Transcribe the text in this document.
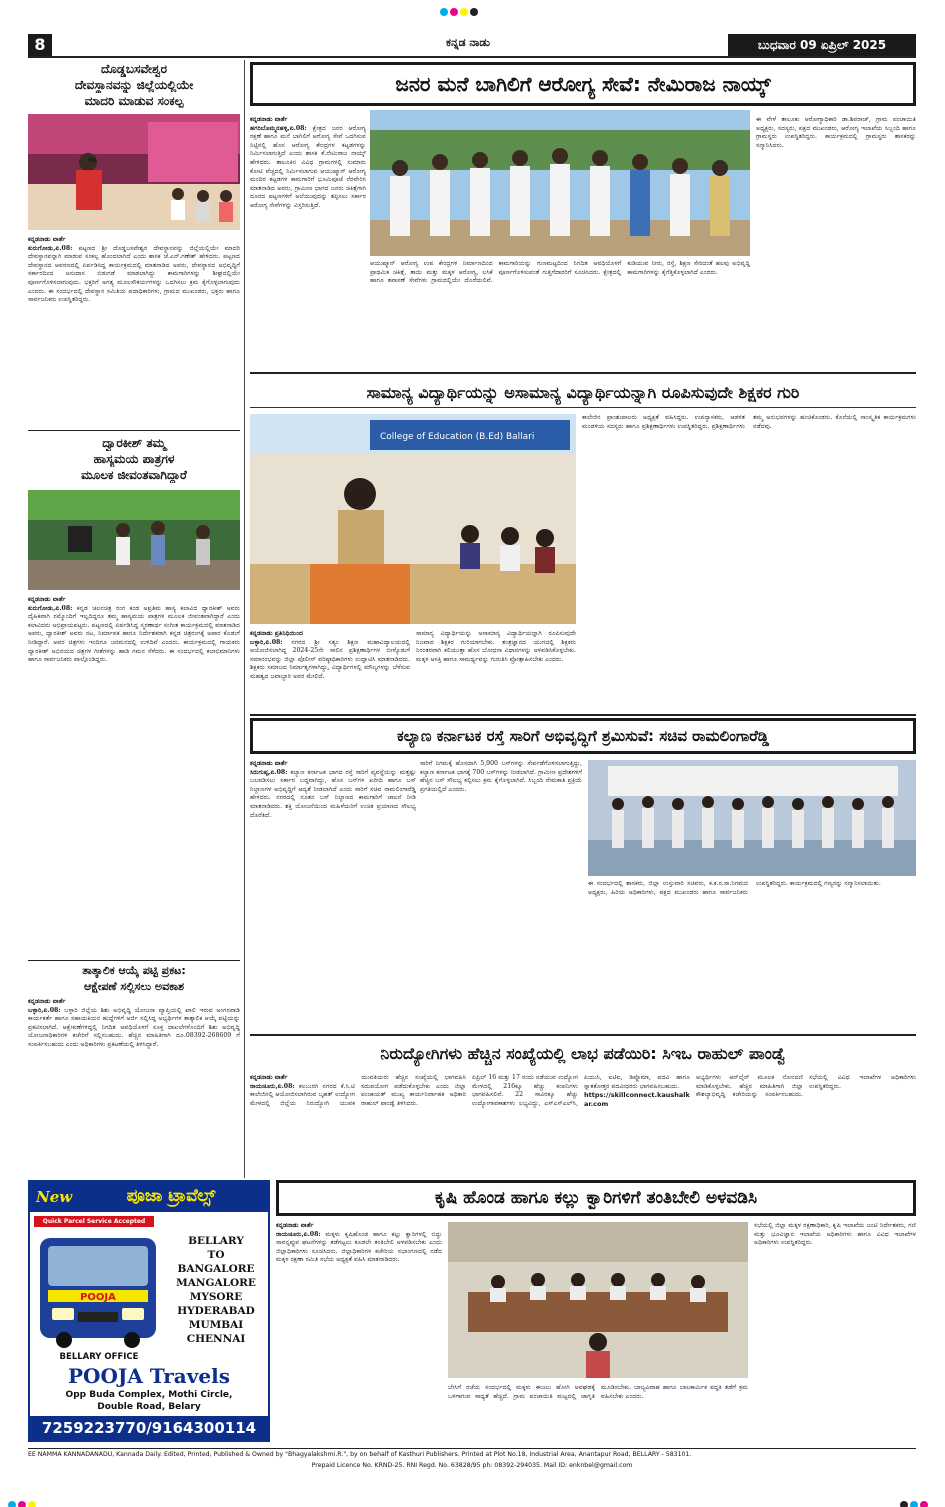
8	ಕನ್ನಡ ನಾಡು	ಬುಧವಾರ 09 ಏಪ್ರಿಲ್ 2025
ದೊಡ್ಡಬಸವೇಶ್ವರ
ದೇವಸ್ಥಾನವನ್ನು ಜಿಲ್ಲೆಯಲ್ಲಿಯೇ
ಮಾದರಿ ಮಾಡುವ ಸಂಕಲ್ಪ
ಕನ್ನಡನಾಡು ವಾರ್ತೆ
ಕುರುಗೋಡು,ಏ.08: ಪಟ್ಟಣದ ಶ್ರೀ ದೊಡ್ಡಬಸವೇಶ್ವರ ದೇವಸ್ಥಾನವನ್ನು ಜಿಲ್ಲೆಯಲ್ಲಿಯೇ ಮಾದರಿ ದೇವಸ್ಥಾನವನ್ನಾಗಿ ಮಾಡುವ ಸಂಕಲ್ಪ ಹೊಂದಲಾಗಿದೆ ಎಂದು ಶಾಸಕ ಜೆ.ಎನ್.ಗಣೇಶ್ ಹೇಳಿದರು. ಪಟ್ಟಣದ ದೇವಸ್ಥಾನದ ಆವರಣದಲ್ಲಿ ಏರ್ಪಡಿಸಿದ್ದ ಕಾರ್ಯಕ್ರಮದಲ್ಲಿ ಮಾತನಾಡಿದ ಅವರು, ದೇವಸ್ಥಾನದ ಅಭಿವೃದ್ಧಿಗೆ ಸರ್ಕಾರದಿಂದ ಅನುದಾನ ಬಿಡುಗಡೆ ಮಾಡಲಾಗಿದ್ದು ಕಾಮಗಾರಿಗಳನ್ನು ಶೀಘ್ರದಲ್ಲಿಯೇ ಪೂರ್ಣಗೊಳಿಸಲಾಗುವುದು. ಭಕ್ತರಿಗೆ ಅಗತ್ಯ ಮೂಲಸೌಕರ್ಯಗಳನ್ನು ಒದಗಿಸಲು ಕ್ರಮ ಕೈಗೊಳ್ಳಲಾಗುವುದು ಎಂದರು. ಈ ಸಂದರ್ಭದಲ್ಲಿ ದೇವಸ್ಥಾನ ಸಮಿತಿಯ ಪದಾಧಿಕಾರಿಗಳು, ಗ್ರಾಮದ ಮುಖಂಡರು, ಭಕ್ತರು ಹಾಗೂ ಸಾರ್ವಜನಿಕರು ಉಪಸ್ಥಿತರಿದ್ದರು.
ದ್ವಾರಕೀಶ್ ತಮ್ಮ
ಹಾಸ್ಯಮಯ ಪಾತ್ರಗಳ
ಮೂಲಕ ಜೀವಂತವಾಗಿದ್ದಾರೆ
ಕನ್ನಡನಾಡು ವಾರ್ತೆ
ಕುರುಗೋಡು,ಏ.08: ಕನ್ನಡ ಚಲನಚಿತ್ರ ರಂಗ ಕಂಡ ಅಪ್ರತಿಮ ಹಾಸ್ಯ ಕಲಾವಿದ ದ್ವಾರಕೀಶ್ ಅವರು ದೈಹಿಕವಾಗಿ ನಮ್ಮೊಂದಿಗೆ ಇಲ್ಲದಿದ್ದರೂ ತಮ್ಮ ಹಾಸ್ಯಮಯ ಪಾತ್ರಗಳ ಮೂಲಕ ಜೀವಂತವಾಗಿದ್ದಾರೆ ಎಂದು ಕಲಾವಿದರು ಅಭಿಪ್ರಾಯಪಟ್ಟರು. ಪಟ್ಟಣದಲ್ಲಿ ಏರ್ಪಡಿಸಿದ್ದ ಸ್ಮರಣಾರ್ಥ ಸಂಗೀತ ಕಾರ್ಯಕ್ರಮದಲ್ಲಿ ಮಾತನಾಡಿದ ಅವರು, ದ್ವಾರಕೀಶ್ ಅವರು ನಟ, ನಿರ್ಮಾಪಕ ಹಾಗೂ ನಿರ್ದೇಶಕರಾಗಿ ಕನ್ನಡ ಚಿತ್ರರಂಗಕ್ಕೆ ಅಪಾರ ಕೊಡುಗೆ ನೀಡಿದ್ದಾರೆ. ಅವರ ಚಿತ್ರಗಳು ಇಂದಿಗೂ ಜನಮನದಲ್ಲಿ ಉಳಿದಿವೆ ಎಂದರು. ಕಾರ್ಯಕ್ರಮದಲ್ಲಿ ಗಾಯಕರು ದ್ವಾರಕೀಶ್ ಅಭಿನಯದ ಚಿತ್ರಗಳ ಗೀತೆಗಳನ್ನು ಹಾಡಿ ಗಮನ ಸೆಳೆದರು. ಈ ಸಂದರ್ಭದಲ್ಲಿ ಕಲಾಭಿಮಾನಿಗಳು ಹಾಗೂ ಸಾರ್ವಜನಿಕರು ಪಾಲ್ಗೊಂಡಿದ್ದರು.
ತಾತ್ಕಾಲಿಕ ಆಯ್ಕೆ ಪಟ್ಟಿ ಪ್ರಕಟ:
ಆಕ್ಷೇಪಣೆ ಸಲ್ಲಿಸಲು ಅವಕಾಶ
ಕನ್ನಡನಾಡು ವಾರ್ತೆ
ಬಳ್ಳಾರಿ,ಏ.08: ಬಳ್ಳಾರಿ ಜಿಲ್ಲೆಯ ಶಿಶು ಅಭಿವೃದ್ಧಿ ಯೋಜನಾ ವ್ಯಾಪ್ತಿಯಲ್ಲಿ ಖಾಲಿ ಇರುವ ಅಂಗನವಾಡಿ ಕಾರ್ಯಕರ್ತೆ ಹಾಗೂ ಸಹಾಯಕಿಯರ ಹುದ್ದೆಗಳಿಗೆ ಅರ್ಜಿ ಸಲ್ಲಿಸಿದ್ದ ಅಭ್ಯರ್ಥಿಗಳ ತಾತ್ಕಾಲಿಕ ಆಯ್ಕೆ ಪಟ್ಟಿಯನ್ನು ಪ್ರಕಟಿಸಲಾಗಿದೆ. ಆಕ್ಷೇಪಣೆಗಳಿದ್ದಲ್ಲಿ ನಿಗದಿತ ಅವಧಿಯೊಳಗೆ ಸೂಕ್ತ ದಾಖಲೆಗಳೊಂದಿಗೆ ಶಿಶು ಅಭಿವೃದ್ಧಿ ಯೋಜನಾಧಿಕಾರಿಗಳ ಕಚೇರಿಗೆ ಸಲ್ಲಿಸಬಹುದು. ಹೆಚ್ಚಿನ ಮಾಹಿತಿಗಾಗಿ ದೂ.08392-268609 ಗೆ ಸಂಪರ್ಕಿಸಬಹುದು ಎಂದು ಅಧಿಕಾರಿಗಳು ಪ್ರಕಟಣೆಯಲ್ಲಿ ತಿಳಿಸಿದ್ದಾರೆ.
ಜನರ ಮನೆ ಬಾಗಿಲಿಗೆ ಆರೋಗ್ಯ ಸೇವೆ: ನೇಮಿರಾಜ ನಾಯ್ಕ್
ಕನ್ನಡನಾಡು ವಾರ್ತೆ
ಹಗರಿಬೊಮ್ಮನಹಳ್ಳಿ,ಏ.08: ಕ್ಷೇತ್ರದ ಜನರ ಆರೋಗ್ಯ ರಕ್ಷಣೆ ಹಾಗೂ ಮನೆ ಬಾಗಿಲಿಗೆ ಆರೋಗ್ಯ ಸೇವೆ ಒದಗಿಸುವ ನಿಟ್ಟಿನಲ್ಲಿ ಹೊಸ ಆರೋಗ್ಯ ಕೇಂದ್ರಗಳ ಕಟ್ಟಡಗಳನ್ನು ನಿರ್ಮಿಸಲಾಗುತ್ತಿದೆ ಎಂದು ಶಾಸಕ ಕೆ.ನೇಮಿರಾಜ ನಾಯ್ಕ್ ಹೇಳಿದರು. ತಾಲೂಕಿನ ವಿವಿಧ ಗ್ರಾಮಗಳಲ್ಲಿ ಸುಮಾರು ಕೋಟಿ ವೆಚ್ಚದಲ್ಲಿ ನಿರ್ಮಿಸಲಾಗುವ ಆಯುಷ್ಮಾನ್ ಆರೋಗ್ಯ ಮಂದಿರ ಕಟ್ಟಡಗಳ ಕಾಮಗಾರಿಗೆ ಭೂಮಿಪೂಜೆ ನೆರವೇರಿಸಿ ಮಾತನಾಡಿದ ಅವರು, ಗ್ರಾಮೀಣ ಭಾಗದ ಜನರು ಚಿಕಿತ್ಸೆಗಾಗಿ ದೂರದ ಪಟ್ಟಣಗಳಿಗೆ ಅಲೆಯುವುದನ್ನು ತಪ್ಪಿಸಲು ಸರ್ಕಾರ ಆರೋಗ್ಯ ಸೇವೆಗಳನ್ನು ವಿಸ್ತರಿಸುತ್ತಿದೆ.
ಈ ವೇಳೆ ತಾಲೂಕು ಆರೋಗ್ಯಾಧಿಕಾರಿ ಡಾ.ಶಿವರಾಜ್, ಗ್ರಾಮ ಪಂಚಾಯಿತಿ ಅಧ್ಯಕ್ಷರು, ಸದಸ್ಯರು, ಪಕ್ಷದ ಮುಖಂಡರು, ಆರೋಗ್ಯ ಇಲಾಖೆಯ ಸಿಬ್ಬಂದಿ ಹಾಗೂ ಗ್ರಾಮಸ್ಥರು ಉಪಸ್ಥಿತರಿದ್ದರು. ಕಾರ್ಯಕ್ರಮದಲ್ಲಿ ಗ್ರಾಮಸ್ಥರು ಶಾಸಕರನ್ನು ಸನ್ಮಾನಿಸಿದರು.
ಆಯುಷ್ಮಾನ್ ಆರೋಗ್ಯ ಉಪ ಕೇಂದ್ರಗಳ ನಿರ್ಮಾಣದಿಂದ ಪ್ರಾಥಮಿಕ ಚಿಕಿತ್ಸೆ, ತಾಯಿ ಮತ್ತು ಮಕ್ಕಳ ಆರೋಗ್ಯ, ಲಸಿಕೆ ಹಾಗೂ ತಪಾಸಣೆ ಸೇವೆಗಳು ಗ್ರಾಮದಲ್ಲಿಯೇ ದೊರೆಯಲಿವೆ. ಕಾಮಗಾರಿಯನ್ನು ಗುಣಮಟ್ಟದಿಂದ ನಿಗದಿತ ಅವಧಿಯೊಳಗೆ ಪೂರ್ಣಗೊಳಿಸುವಂತೆ ಗುತ್ತಿಗೆದಾರರಿಗೆ ಸೂಚಿಸಿದರು. ಕ್ಷೇತ್ರದಲ್ಲಿ ಕುಡಿಯುವ ನೀರು, ರಸ್ತೆ, ಶಿಕ್ಷಣ ಸೇರಿದಂತೆ ಹಲವು ಅಭಿವೃದ್ಧಿ ಕಾಮಗಾರಿಗಳನ್ನು ಕೈಗೆತ್ತಿಕೊಳ್ಳಲಾಗಿದೆ ಎಂದರು.
ಸಾಮಾನ್ಯ ವಿದ್ಯಾರ್ಥಿಯನ್ನು ಅಸಾಮಾನ್ಯ ವಿದ್ಯಾರ್ಥಿಯನ್ನಾಗಿ ರೂಪಿಸುವುದೇ ಶಿಕ್ಷಕರ ಗುರಿ
College of Education (B.Ed) Ballari
ಕನ್ನಡನಾಡು ಪ್ರತಿನಿಧಿಯಿಂದ
ಬಳ್ಳಾರಿ,ಏ.08: ನಗರದ ಶ್ರೀ ಸತ್ಯಂ ಶಿಕ್ಷಣ ಮಹಾವಿದ್ಯಾಲಯದಲ್ಲಿ ಆಯೋಜಿಸಲಾಗಿದ್ದ 2024-25ನೇ ಸಾಲಿನ ಪ್ರಶಿಕ್ಷಣಾರ್ಥಿಗಳ ಬೀಳ್ಕೊಡುಗೆ ಸಮಾರಂಭವನ್ನು ಜಿಲ್ಲಾ ಪೊಲೀಸ್ ವರಿಷ್ಠಾಧಿಕಾರಿಗಳು ಉದ್ಘಾಟಿಸಿ ಮಾತನಾಡಿದರು. ಶಿಕ್ಷಕರು ಸಮಾಜದ ನಿರ್ಮಾತೃಗಳಾಗಿದ್ದು, ವಿದ್ಯಾರ್ಥಿಗಳಲ್ಲಿ ಮೌಲ್ಯಗಳನ್ನು ಬೆಳೆಸುವ ಮಹತ್ವದ ಜವಾಬ್ದಾರಿ ಅವರ ಮೇಲಿದೆ.
ಸಾಮಾನ್ಯ ವಿದ್ಯಾರ್ಥಿಯನ್ನು ಅಸಾಮಾನ್ಯ ವಿದ್ಯಾರ್ಥಿಯನ್ನಾಗಿ ರೂಪಿಸುವುದೇ ನಿಜವಾದ ಶಿಕ್ಷಕರ ಗುರಿಯಾಗಬೇಕು. ತಂತ್ರಜ್ಞಾನದ ಯುಗದಲ್ಲಿ ಶಿಕ್ಷಕರು ನಿರಂತರವಾಗಿ ಕಲಿಯುತ್ತಾ ಹೊಸ ಬೋಧನಾ ವಿಧಾನಗಳನ್ನು ಅಳವಡಿಸಿಕೊಳ್ಳಬೇಕು. ಮಕ್ಕಳ ಆಸಕ್ತಿ ಹಾಗೂ ಸಾಮರ್ಥ್ಯವನ್ನು ಗುರುತಿಸಿ ಪ್ರೋತ್ಸಾಹಿಸಬೇಕು ಎಂದರು.
ಕಾಲೇಜಿನ ಪ್ರಾಂಶುಪಾಲರು ಅಧ್ಯಕ್ಷತೆ ವಹಿಸಿದ್ದರು. ಉಪನ್ಯಾಸಕರು, ಆಡಳಿತ ಮಂಡಳಿಯ ಸದಸ್ಯರು ಹಾಗೂ ಪ್ರಶಿಕ್ಷಣಾರ್ಥಿಗಳು ಉಪಸ್ಥಿತರಿದ್ದರು. ಪ್ರಶಿಕ್ಷಣಾರ್ಥಿಗಳು ತಮ್ಮ ಅನುಭವಗಳನ್ನು ಹಂಚಿಕೊಂಡರು. ಕೊನೆಯಲ್ಲಿ ಸಾಂಸ್ಕೃತಿಕ ಕಾರ್ಯಕ್ರಮಗಳು ನಡೆದವು.
ಕಲ್ಯಾಣ ಕರ್ನಾಟಕ ರಸ್ತೆ ಸಾರಿಗೆ ಅಭಿವೃದ್ಧಿಗೆ ಶ್ರಮಿಸುವೆ: ಸಚಿವ ರಾಮಲಿಂಗಾರೆಡ್ಡಿ
ಕನ್ನಡನಾಡು ವಾರ್ತೆ
ಸಿರುಗುಪ್ಪ,ಏ.08: ಕಲ್ಯಾಣ ಕರ್ನಾಟಕ ಭಾಗದ ರಸ್ತೆ ಸಾರಿಗೆ ವ್ಯವಸ್ಥೆಯನ್ನು ಮತ್ತಷ್ಟು ಬಲಪಡಿಸಲು ಸರ್ಕಾರ ಬದ್ಧವಾಗಿದ್ದು, ಹೊಸ ಬಸ್‌ಗಳ ಖರೀದಿ ಹಾಗೂ ಬಸ್ ನಿಲ್ದಾಣಗಳ ಅಭಿವೃದ್ಧಿಗೆ ಆದ್ಯತೆ ನೀಡಲಾಗಿದೆ ಎಂದು ಸಾರಿಗೆ ಸಚಿವ ರಾಮಲಿಂಗಾರೆಡ್ಡಿ ಹೇಳಿದರು. ನಗರದಲ್ಲಿ ನೂತನ ಬಸ್ ನಿಲ್ದಾಣದ ಕಾಮಗಾರಿಗೆ ಚಾಲನೆ ನೀಡಿ ಮಾತನಾಡಿದರು. ಶಕ್ತಿ ಯೋಜನೆಯಿಂದ ಮಹಿಳೆಯರಿಗೆ ಉಚಿತ ಪ್ರಯಾಣದ ಸೌಲಭ್ಯ ದೊರೆತಿದೆ.
ಸಾರಿಗೆ ನಿಗಮಕ್ಕೆ ಹೊಸದಾಗಿ 5,900 ಬಸ್‌ಗಳನ್ನು ಸೇರ್ಪಡೆಗೊಳಿಸಲಾಗುತ್ತಿದ್ದು, ಕಲ್ಯಾಣ ಕರ್ನಾಟಕ ಭಾಗಕ್ಕೆ 700 ಬಸ್‌ಗಳನ್ನು ನೀಡಲಾಗಿದೆ. ಗ್ರಾಮೀಣ ಪ್ರದೇಶಗಳಿಗೆ ಹೆಚ್ಚಿನ ಬಸ್ ಸೌಲಭ್ಯ ಕಲ್ಪಿಸಲು ಕ್ರಮ ಕೈಗೊಳ್ಳಲಾಗಿದೆ. ಸಿಬ್ಬಂದಿ ನೇಮಕಾತಿ ಪ್ರಕ್ರಿಯೆ ಪ್ರಗತಿಯಲ್ಲಿದೆ ಎಂದರು.
ಈ ಸಂದರ್ಭದಲ್ಲಿ ಶಾಸಕರು, ಜಿಲ್ಲಾ ಉಸ್ತುವಾರಿ ಸಚಿವರು, ಕ.ಕ.ರ.ಸಾ.ನಿಗಮದ ಅಧ್ಯಕ್ಷರು, ಹಿರಿಯ ಅಧಿಕಾರಿಗಳು, ಪಕ್ಷದ ಮುಖಂಡರು ಹಾಗೂ ಸಾರ್ವಜನಿಕರು ಉಪಸ್ಥಿತರಿದ್ದರು. ಕಾರ್ಯಕ್ರಮದಲ್ಲಿ ಗಣ್ಯರನ್ನು ಸನ್ಮಾನಿಸಲಾಯಿತು.
ನಿರುದ್ಯೋಗಿಗಳು ಹೆಚ್ಚಿನ ಸಂಖ್ಯೆಯಲ್ಲಿ ಲಾಭ ಪಡೆಯಿರಿ: ಸಿಇಒ ರಾಹುಲ್ ಪಾಂಡ್ವೆ
ಕನ್ನಡನಾಡು ವಾರ್ತೆ
ರಾಯಚೂರು,ಏ.08: ಕಲಬುರಗಿ ನಗರದ ಕೆ.ಸಿ.ಟಿ ಕಾಲೇಜಿನಲ್ಲಿ ಆಯೋಜಿಸಲಾಗಿರುವ ಬೃಹತ್ ಉದ್ಯೋಗ ಮೇಳದಲ್ಲಿ ಜಿಲ್ಲೆಯ ನಿರುದ್ಯೋಗಿ ಯುವಕ ಯುವತಿಯರು ಹೆಚ್ಚಿನ ಸಂಖ್ಯೆಯಲ್ಲಿ ಭಾಗವಹಿಸಿ ಸದುಪಯೋಗ ಪಡೆದುಕೊಳ್ಳಬೇಕು ಎಂದು ಜಿಲ್ಲಾ ಪಂಚಾಯತ್ ಮುಖ್ಯ ಕಾರ್ಯನಿರ್ವಾಹಕ ಅಧಿಕಾರಿ ರಾಹುಲ್ ಪಾಂಡ್ವೆ ತಿಳಿಸಿದರು.
ಏಪ್ರಿಲ್ 16 ಮತ್ತು 17 ರಂದು ನಡೆಯುವ ಉದ್ಯೋಗ ಮೇಳದಲ್ಲಿ 216ಕ್ಕೂ ಹೆಚ್ಚು ಕಂಪನಿಗಳು ಭಾಗವಹಿಸಲಿವೆ. 22 ಸಾವಿರಕ್ಕೂ ಹೆಚ್ಚು ಉದ್ಯೋಗಾವಕಾಶಗಳು ಲಭ್ಯವಿದ್ದು, ಎಸ್‌ಎಸ್‌ಎಲ್‌ಸಿ, ಪಿಯುಸಿ, ಐಟಿಐ, ಡಿಪ್ಲೊಮಾ, ಪದವಿ ಹಾಗೂ ಸ್ನಾತಕೋತ್ತರ ಪದವೀಧರರು ಭಾಗವಹಿಸಬಹುದು.
https://skillconnect.kaushalkar.com
ಅಭ್ಯರ್ಥಿಗಳು ಆನ್‌ಲೈನ್ ಮೂಲಕ ನೋಂದಣಿ ಮಾಡಿಕೊಳ್ಳಬೇಕು. ಹೆಚ್ಚಿನ ಮಾಹಿತಿಗಾಗಿ ಜಿಲ್ಲಾ ಕೌಶಲ್ಯಾಭಿವೃದ್ಧಿ ಕಚೇರಿಯನ್ನು ಸಂಪರ್ಕಿಸಬಹುದು. ಸಭೆಯಲ್ಲಿ ವಿವಿಧ ಇಲಾಖೆಗಳ ಅಧಿಕಾರಿಗಳು ಉಪಸ್ಥಿತರಿದ್ದರು.
New	ಪೂಜಾ ಟ್ರಾವೆಲ್ಸ್
Quick Parcel Service Accepted
POOJA
BELLARY
TO
BANGALORE
MANGALORE
MYSORE
HYDERABAD
MUMBAI
CHENNAI
BELLARY OFFICE
POOJA Travels
Opp Buda Complex, Mothi Circle,
Double Road, Belary
7259223770/9164300114
ಕೃಷಿ ಹೊಂಡ ಹಾಗೂ ಕಲ್ಲು ಕ್ವಾರಿಗಳಿಗೆ ತಂತಿಬೇಲಿ ಅಳವಡಿಸಿ
ಕನ್ನಡನಾಡು ವಾರ್ತೆ
ರಾಯಚೂರು,ಏ.08: ಮಕ್ಕಳು ಕೃಷಿಹೊಂಡ ಹಾಗೂ ಕಲ್ಲು ಕ್ವಾರಿಗಳಲ್ಲಿ ಬಿದ್ದು ಸಾವನ್ನಪ್ಪುವ ಘಟನೆಗಳನ್ನು ತಡೆಗಟ್ಟಲು ಕೂಡಲೇ ತಂತಿಬೇಲಿ ಅಳವಡಿಸಬೇಕು ಎಂದು ಜಿಲ್ಲಾಧಿಕಾರಿಗಳು ಸೂಚಿಸಿದರು. ಜಿಲ್ಲಾಧಿಕಾರಿಗಳ ಕಚೇರಿಯ ಸಭಾಂಗಣದಲ್ಲಿ ನಡೆದ ಮಕ್ಕಳ ರಕ್ಷಣಾ ಸಮಿತಿ ಸಭೆಯ ಅಧ್ಯಕ್ಷತೆ ವಹಿಸಿ ಮಾತನಾಡಿದರು.
ಬೇಸಿಗೆ ರಜೆಯ ಸಂದರ್ಭದಲ್ಲಿ ಮಕ್ಕಳು ಈಜಲು ಹೋಗಿ ಅವಘಡಕ್ಕೆ ಒಳಗಾಗುವ ಸಾಧ್ಯತೆ ಹೆಚ್ಚಿದೆ. ಗ್ರಾಮ ಪಂಚಾಯಿತಿ ಮಟ್ಟದಲ್ಲಿ ಜಾಗೃತಿ ಮೂಡಿಸಬೇಕು. ಬಾಲ್ಯವಿವಾಹ ಹಾಗೂ ಬಾಲಕಾರ್ಮಿಕ ಪದ್ಧತಿ ತಡೆಗೆ ಕ್ರಮ ವಹಿಸಬೇಕು ಎಂದರು.
ಸಭೆಯಲ್ಲಿ ಜಿಲ್ಲಾ ಮಕ್ಕಳ ರಕ್ಷಣಾಧಿಕಾರಿ, ಕೃಷಿ ಇಲಾಖೆಯ ಜಂಟಿ ನಿರ್ದೇಶಕರು, ಗಣಿ ಮತ್ತು ಭೂವಿಜ್ಞಾನ ಇಲಾಖೆಯ ಅಧಿಕಾರಿಗಳು ಹಾಗೂ ವಿವಿಧ ಇಲಾಖೆಗಳ ಅಧಿಕಾರಿಗಳು ಉಪಸ್ಥಿತರಿದ್ದರು.
EE NAMMA KANNADANADU, Kannada Daily. Edited, Printed, Published & Owned by "Bhagyalakshmi.R.", by on behalf of Kasthuri Publishers. Printed at Plot No.18, Industrial Area, Anantapur Road, BELLARY - 583101.
Prepaid Licence No. KRND-25. RNI Regd. No. 63828/95 ph: 08392-294035. Mail ID: enknbel@gmail.com
